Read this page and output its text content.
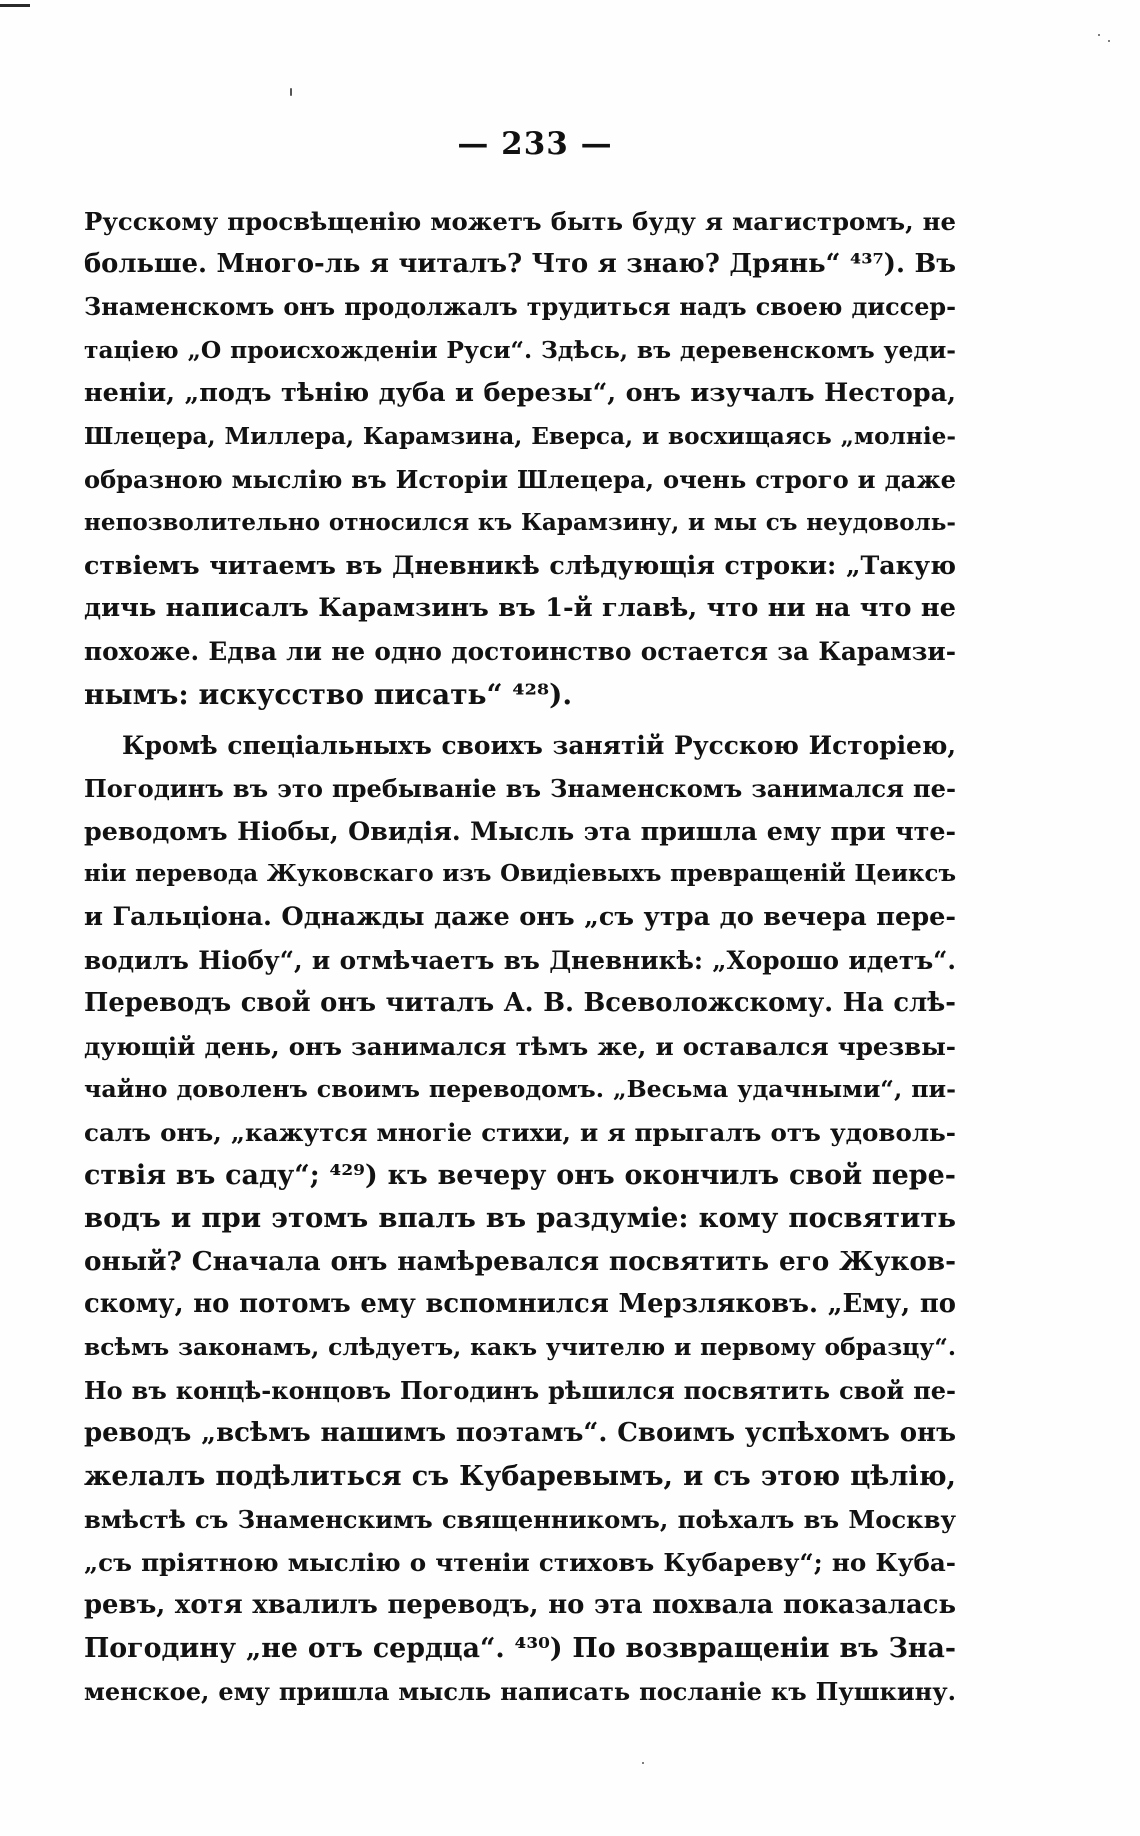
— 233 —
Русскому просвѣщенію можетъ быть буду я магистромъ, не
больше. Много-ль я читалъ? Что я знаю? Дрянь“ ⁴³⁷). Въ
Знаменскомъ онъ продолжалъ трудиться надъ своею диссер-
таціею „О происхожденіи Руси“. Здѣсь, въ деревенскомъ уеди-
неніи, „подъ тѣнію дуба и березы“, онъ изучалъ Нестора,
Шлецера, Миллера, Карамзина, Еверса, и восхищаясь „молніе-
образною мыслію въ Исторіи Шлецера, очень строго и даже
непозволительно относился къ Карамзину, и мы съ неудоволь-
ствіемъ читаемъ въ Дневникѣ слѣдующія строки: „Такую
дичь написалъ Карамзинъ въ 1-й главѣ, что ни на что не
похоже. Едва ли не одно достоинство остается за Карамзи-
нымъ: искусство писать“ ⁴²⁸).
Кромѣ спеціальныхъ своихъ занятій Русскою Исторіею,
Погодинъ въ это пребываніе въ Знаменскомъ занимался пе-
реводомъ Ніобы, Овидія. Мысль эта пришла ему при чте-
ніи перевода Жуковскаго изъ Овидіевыхъ превращеній Цеиксъ
и Гальціона. Однажды даже онъ „съ утра до вечера пере-
водилъ Ніобу“, и отмѣчаетъ въ Дневникѣ: „Хорошо идетъ“.
Переводъ свой онъ читалъ А. В. Всеволожскому. На слѣ-
дующій день, онъ занимался тѣмъ же, и оставался чрезвы-
чайно доволенъ своимъ переводомъ. „Весьма удачными“, пи-
салъ онъ, „кажутся многіе стихи, и я прыгалъ отъ удоволь-
ствія въ саду“; ⁴²⁹) къ вечеру онъ окончилъ свой пере-
водъ и при этомъ впалъ въ раздуміе: кому посвятить
оный? Сначала онъ намѣревался посвятить его Жуков-
скому, но потомъ ему вспомнился Мерзляковъ. „Ему, по
всѣмъ законамъ, слѣдуетъ, какъ учителю и первому образцу“.
Но въ концѣ-концовъ Погодинъ рѣшился посвятить свой пе-
реводъ „всѣмъ нашимъ поэтамъ“. Своимъ успѣхомъ онъ
желалъ подѣлиться съ Кубаревымъ, и съ этою цѣлію,
вмѣстѣ съ Знаменскимъ священникомъ, поѣхалъ въ Москву
„съ пріятною мыслію о чтеніи стиховъ Кубареву“; но Куба-
ревъ, хотя хвалилъ переводъ, но эта похвала показалась
Погодину „не отъ сердца“. ⁴³⁰) По возвращеніи въ Зна-
менское, ему пришла мысль написать посланіе къ Пушкину.
